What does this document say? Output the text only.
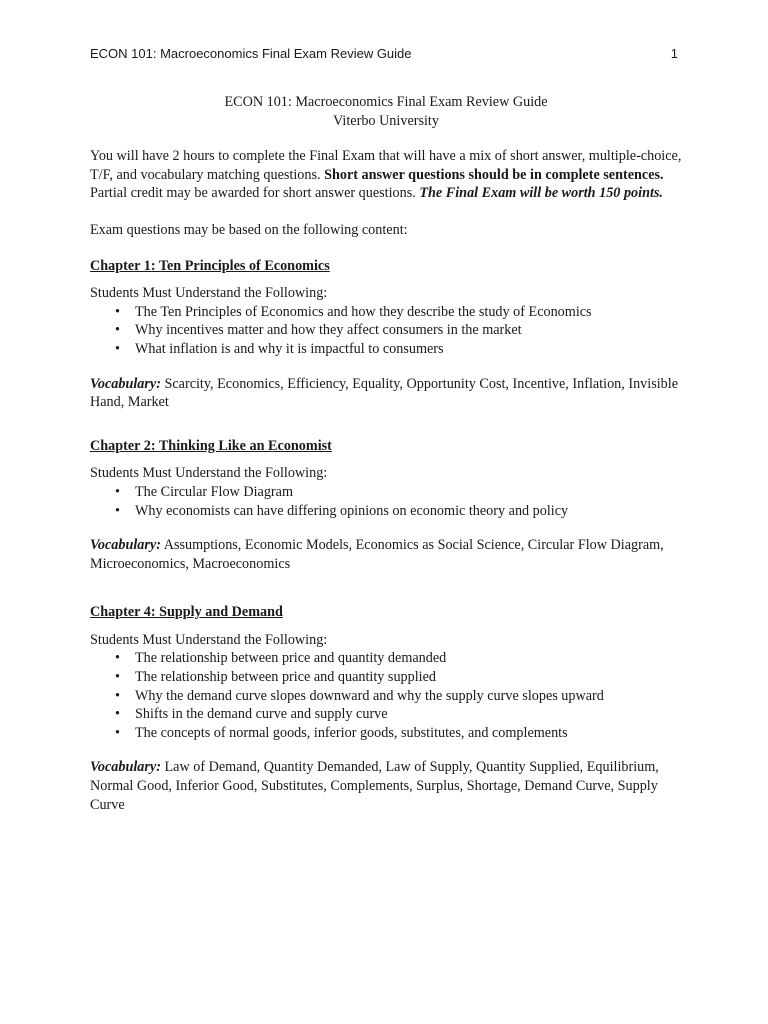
ECON 101: Macroeconomics Final Exam Review Guide	1

ECON 101: Macroeconomics Final Exam Review Guide

Viterbo University

You will have 2 hours to complete the Final Exam that will have a mix of short answer, multiple-choice, T/F, and vocabulary matching questions. Short answer questions should be in complete sentences. Partial credit may be awarded for short answer questions. The Final Exam will be worth 150 points.

Exam questions may be based on the following content:

Chapter 1: Ten Principles of Economics

Students Must Understand the Following:

• The Ten Principles of Economics and how they describe the study of Economics
• Why incentives matter and how they affect consumers in the market
• What inflation is and why it is impactful to consumers

Vocabulary: Scarcity, Economics, Efficiency, Equality, Opportunity Cost, Incentive, Inflation, Invisible Hand, Market

Chapter 2: Thinking Like an Economist

Students Must Understand the Following:

• The Circular Flow Diagram
• Why economists can have differing opinions on economic theory and policy

Vocabulary: Assumptions, Economic Models, Economics as Social Science, Circular Flow Diagram, Microeconomics, Macroeconomics

Chapter 4: Supply and Demand

Students Must Understand the Following:

• The relationship between price and quantity demanded
• The relationship between price and quantity supplied
• Why the demand curve slopes downward and why the supply curve slopes upward
• Shifts in the demand curve and supply curve
• The concepts of normal goods, inferior goods, substitutes, and complements

Vocabulary: Law of Demand, Quantity Demanded, Law of Supply, Quantity Supplied, Equilibrium, Normal Good, Inferior Good, Substitutes, Complements, Surplus, Shortage, Demand Curve, Supply Curve
